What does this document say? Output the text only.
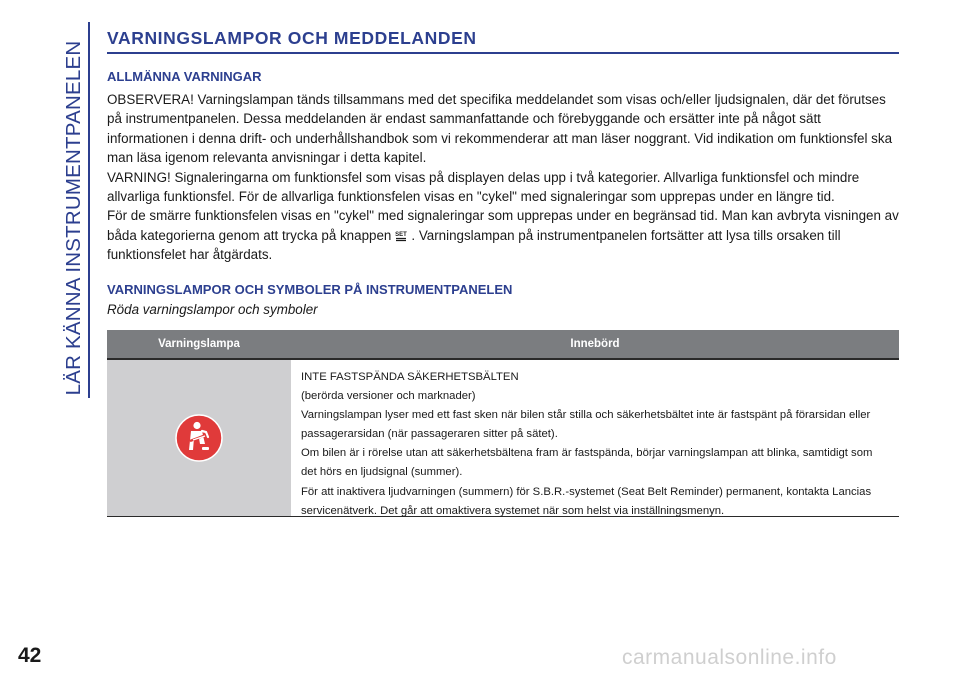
LÄR KÄNNA INSTRUMENTPANELEN
VARNINGSLAMPOR OCH MEDDELANDEN
ALLMÄNNA VARNINGAR

OBSERVERA! Varningslampan tänds tillsammans med det specifika meddelandet som visas och/eller ljudsignalen, där det förutses på instrumentpanelen. Dessa meddelanden är endast sammanfattande och förebyggande och ersätter inte på något sätt informationen i denna drift- och underhållshandbok som vi rekommenderar att man läser noggrant. Vid indikation om funktionsfel ska man läsa igenom relevanta anvisningar i detta kapitel.

VARNING! Signaleringarna om funktionsfel som visas på displayen delas upp i två kategorier. Allvarliga funktionsfel och mindre allvarliga funktionsfel. För de allvarliga funktionsfelen visas en "cykel" med signaleringar som upprepas under en längre tid.

För de smärre funktionsfelen visas en "cykel" med signaleringar som upprepas under en begränsad tid. Man kan avbryta visningen av båda kategorierna genom att trycka på knappen SET . Varningslampan på instrumentpanelen fortsätter att lysa tills orsaken till funktionsfelet har åtgärdats.

VARNINGSLAMPOR OCH SYMBOLER PÅ INSTRUMENTPANELEN

Röda varningslampor och symboler

Varningslampa	Innebörd

INTE FASTSPÄNDA SÄKERHETSBÄLTEN

(berörda versioner och marknader)

Varningslampan lyser med ett fast sken när bilen står stilla och säkerhetsbältet inte är fastspänt på förarsidan eller passagerarsidan (när passageraren sitter på sätet).

Om bilen är i rörelse utan att säkerhetsbältena fram är fastspända, börjar varningslampan att blinka, samtidigt som det hörs en ljudsignal (summer).

För att inaktivera ljudvarningen (summern) för S.B.R.-systemet (Seat Belt Reminder) permanent, kontakta Lancias servicenätverk. Det går att omaktivera systemet när som helst via inställningsmenyn.

42	carmanualsonline.info
